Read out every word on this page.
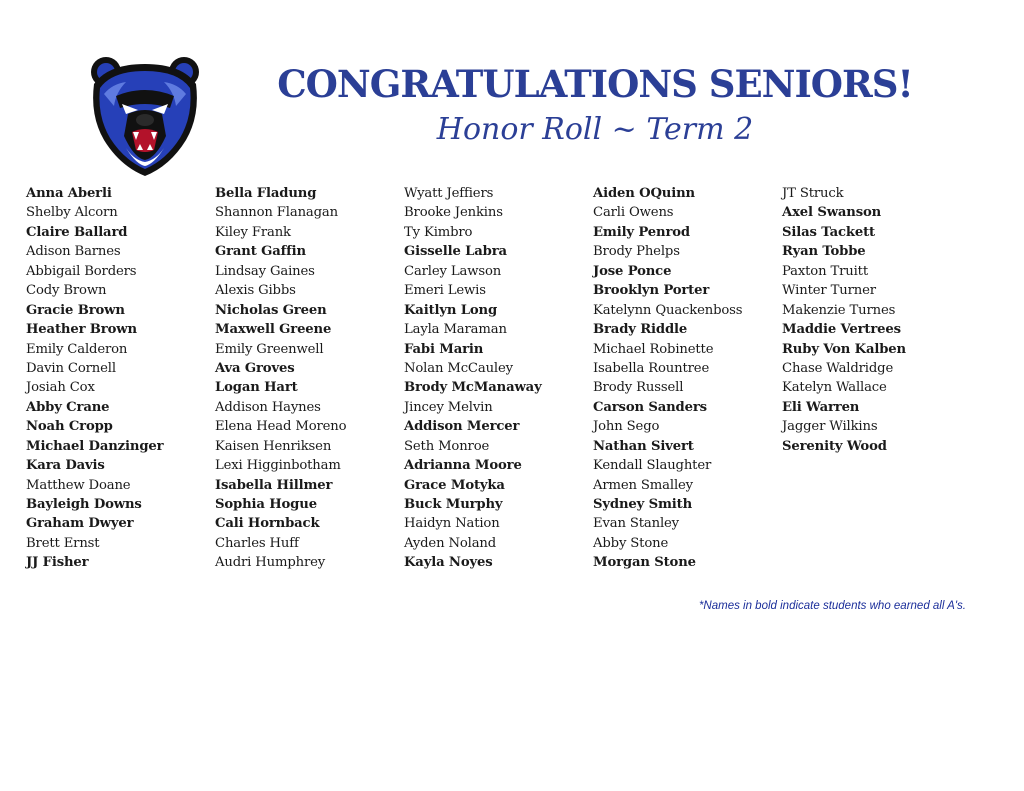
CONGRATULATIONS SENIORS!
Honor Roll ~ Term 2
Anna Aberli
Shelby Alcorn
Claire Ballard
Adison Barnes
Abbigail Borders
Cody Brown
Gracie Brown
Heather Brown
Emily Calderon
Davin Cornell
Josiah Cox
Abby Crane
Noah Cropp
Michael Danzinger
Kara Davis
Matthew Doane
Bayleigh Downs
Graham Dwyer
Brett Ernst
JJ Fisher
Bella Fladung
Shannon Flanagan
Kiley Frank
Grant Gaffin
Lindsay Gaines
Alexis Gibbs
Nicholas Green
Maxwell Greene
Emily Greenwell
Ava Groves
Logan Hart
Addison Haynes
Elena Head Moreno
Kaisen Henriksen
Lexi Higginbotham
Isabella Hillmer
Sophia Hogue
Cali Hornback
Charles Huff
Audri Humphrey
Wyatt Jeffiers
Brooke Jenkins
Ty Kimbro
Gisselle Labra
Carley Lawson
Emeri Lewis
Kaitlyn Long
Layla Maraman
Fabi Marin
Nolan McCauley
Brody McManaway
Jincey Melvin
Addison Mercer
Seth Monroe
Adrianna Moore
Grace Motyka
Buck Murphy
Haidyn Nation
Ayden Noland
Kayla Noyes
Aiden OQuinn
Carli Owens
Emily Penrod
Brody Phelps
Jose Ponce
Brooklyn Porter
Katelynn Quackenboss
Brady Riddle
Michael Robinette
Isabella Rountree
Brody Russell
Carson Sanders
John Sego
Nathan Sivert
Kendall Slaughter
Armen Smalley
Sydney Smith
Evan Stanley
Abby Stone
Morgan Stone
JT Struck
Axel Swanson
Silas Tackett
Ryan Tobbe
Paxton Truitt
Winter Turner
Makenzie Turnes
Maddie Vertrees
Ruby Von Kalben
Chase Waldridge
Katelyn Wallace
Eli Warren
Jagger Wilkins
Serenity Wood
*Names in bold indicate students who earned all A's.
